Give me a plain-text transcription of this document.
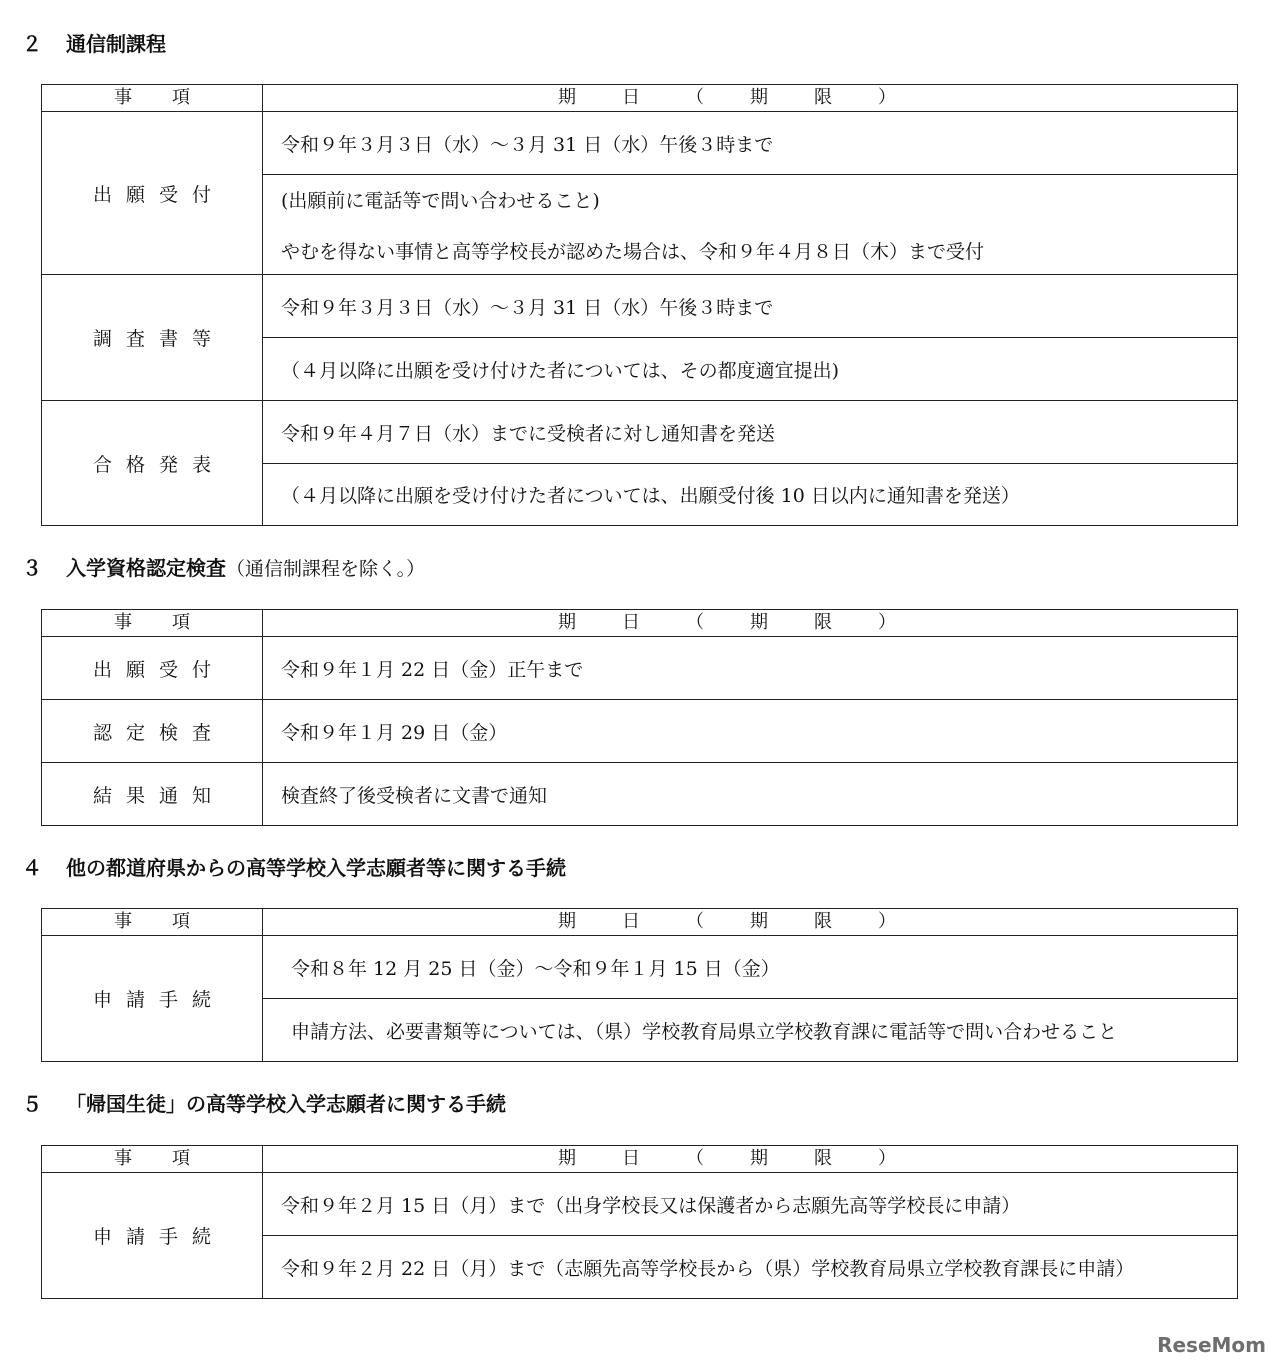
２ 通信制課程
事項	期日（期限）
出願受付	令和９年３月３日（水）～３月 31 日（水）午後３時まで

	(出願前に電話等で問い合わせること)
やむを得ない事情と高等学校長が認めた場合は、令和９年４月８日（木）まで受付

調査書等	令和９年３月３日（水）～３月 31 日（水）午後３時まで
	（４月以降に出願を受け付けた者については、その都度適宜提出)
合格発表	令和９年４月７日（水）までに受検者に対し通知書を発送
	（４月以降に出願を受け付けた者については、出願受付後 10 日以内に通知書を発送）
３ 入学資格認定検査（通信制課程を除く。）
事項	期日（期限）
出願受付	令和９年１月 22 日（金）正午まで
認定検査	令和９年１月 29 日（金）
結果通知	検査終了後受検者に文書で通知
４ 他の都道府県からの高等学校入学志願者等に関する手続
事項	期日（期限）
申請手続	令和８年 12 月 25 日（金）～令和９年１月 15 日（金）
	申請方法、必要書類等については、（県）学校教育局県立学校教育課に電話等で問い合わせること
５ 「帰国生徒」の高等学校入学志願者に関する手続
事項	期日（期限）
申請手続	令和９年２月 15 日（月）まで（出身学校長又は保護者から志願先高等学校長に申請）
	令和９年２月 22 日（月）まで（志願先高等学校長から（県）学校教育局県立学校教育課長に申請）
ReseMom
